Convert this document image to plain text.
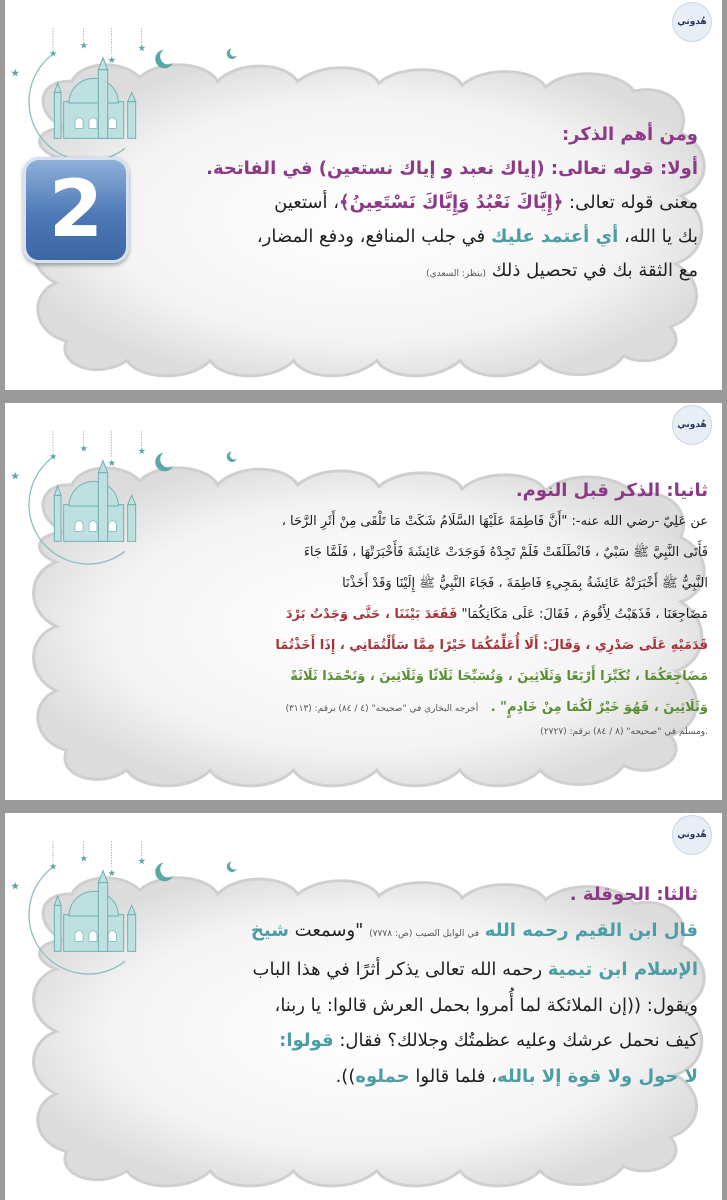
هُدوني
2
ومن أهم الذكر:
أولا: قوله تعالى: (إياك نعبد و إياك نستعين) في الفاتحة.
معنى قوله تعالى: ﴿إِيَّاكَ نَعْبُدُ وَإِيَّاكَ نَسْتَعِينُ﴾، أستعين
بك يا الله، أي أعتمد عليك في جلب المنافع، ودفع المضار،
مع الثقة بك في تحصيل ذلك (بنظر: السعدي)
هُدوني
ثانيا: الذكر قبل النوم.
عن عَلِيّ -رضي الله عنه-: "أَنَّ فَاطِمَةَ عَلَيْهَا السَّلَامُ شَكَتْ مَا تَلْقَى مِنْ أَثَرِ الرَّحَا ،
فَأَتَى النَّبِيَّ ﷺ سَبْيٌ ، فَانْطَلَقَتْ فَلَمْ تَجِدْهُ فَوَجَدَتْ عَائِشَةَ فَأَخْبَرَتْهَا ، فَلَمَّا جَاءَ
النَّبِيُّ ﷺ أَخْبَرَتْهُ عَائِشَةُ بِمَجِيءِ فَاطِمَةَ ، فَجَاءَ النَّبِيُّ ﷺ إِلَيْنَا وَقَدْ أَخَذْنَا
مَضَاجِعَنَا ، فَذَهَبْتُ لِأَقُومَ ، فَقَالَ: عَلَى مَكَانِكُمَا" فَقَعَدَ بَيْنَنَا ، حَتَّى وَجَدْتُ بَرْدَ
قَدَمَيْهِ عَلَى صَدْرِي ، وَقَالَ: أَلَا أُعَلِّمُكُمَا خَيْرًا مِمَّا سَأَلْتُمَانِي ، إِذَا أَخَذْتُمَا
مَضَاجِعَكُمَا ، تُكَبِّرَا أَرْبَعًا وَثَلَاثِينَ ، وَتُسَبِّحَا ثَلَاثًا وَثَلَاثِينَ ، وَتَحْمَدَا ثَلَاثَةً
وَثَلَاثِينَ ، فَهُوَ خَيْرٌ لَكُمَا مِنْ خَادِمٍ" .   أخرجه البخاري في "صحيحه" (٤ / ٨٤) برقم: (٣١١٣)
.ومسلم في "صحيحه" (٨ / ٨٤) برقم: (٢٧٢٧)
هُدوني
ثالثا: الحوقلة .
قال ابن القيم رحمه الله في الوابل الصيب (ص: ٧٧٧٨) "وسمعت شيخ
الإسلام ابن تيمية رحمه الله تعالى يذكر أثرًا في هذا الباب
ويقول: ((إن الملائكة لما أُمروا بحمل العرش قالوا: يا ربنا،
كيف نحمل عرشك وعليه عظمتُك وجلالك؟ فقال: قولوا:
لا حول ولا قوة إلا بالله، فلما قالوا حملوه)).
